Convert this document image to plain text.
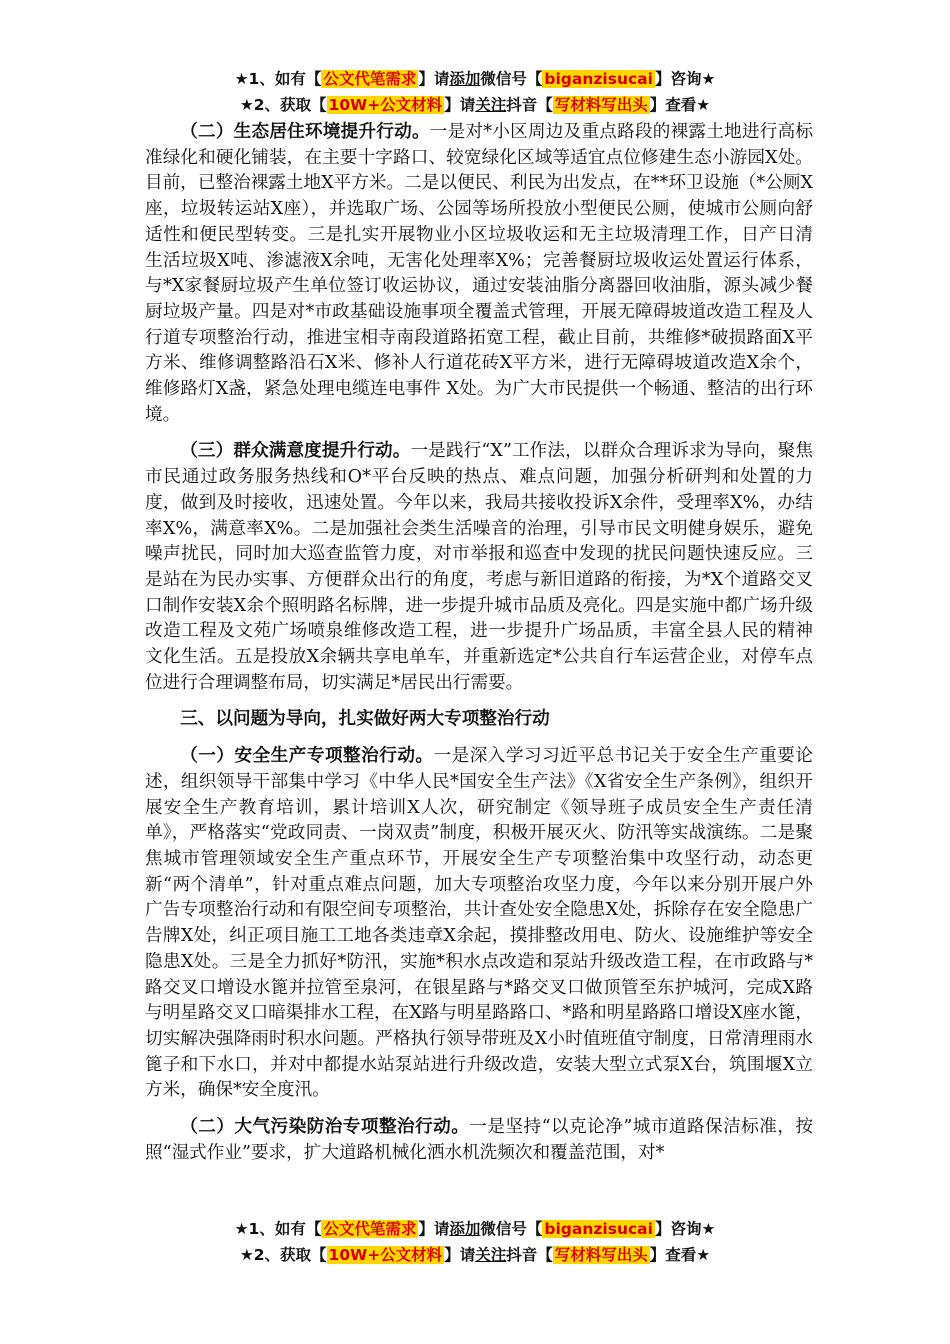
★1、如有【 公文代笔需求 】请添加微信号【 biganzisucai 】咨询★
★2、获取【 10W+公文材料 】请关注抖音【 写材料写出头 】查看★

（二）生态居住环境提升行动。一是对*小区周边及重点路段的裸露土地进行高标准绿化和硬化铺装，在主要十字路口、较宽绿化区域等适宜点位修建生态小游园X处。目前，已整治裸露土地X平方米。二是以便民、利民为出发点，在**环卫设施（*公厕X座，垃圾转运站X座），并选取广场、公园等场所投放小型便民公厕，使城市公厕向舒适性和便民型转变。三是扎实开展物业小区垃圾收运和无主垃圾清理工作，日产日清生活垃圾X吨、渗滤液X余吨，无害化处理率X%；完善餐厨垃圾收运处置运行体系，与*X家餐厨垃圾产生单位签订收运协议，通过安装油脂分离器回收油脂，源头减少餐厨垃圾产量。四是对*市政基础设施事项全覆盖式管理，开展无障碍坡道改造工程及人行道专项整治行动，推进宝相寺南段道路拓宽工程，截止目前，共维修*破损路面X平方米、维修调整路沿石X米、修补人行道花砖X平方米，进行无障碍坡道改造X余个，维修路灯X盏，紧急处理电缆连电事件 X处。为广大市民提供一个畅通、整洁的出行环境。

（三）群众满意度提升行动。一是践行“X”工作法，以群众合理诉求为导向，聚焦市民通过政务服务热线和O*平台反映的热点、难点问题，加强分析研判和处置的力度，做到及时接收，迅速处置。今年以来，我局共接收投诉X余件，受理率X%，办结率X%，满意率X%。二是加强社会类生活噪音的治理，引导市民文明健身娱乐，避免噪声扰民，同时加大巡查监管力度，对市举报和巡查中发现的扰民问题快速反应。三是站在为民办实事、方便群众出行的角度，考虑与新旧道路的衔接，为*X个道路交叉口制作安装X余个照明路名标牌，进一步提升城市品质及亮化。四是实施中都广场升级改造工程及文苑广场喷泉维修改造工程，进一步提升广场品质，丰富全县人民的精神文化生活。五是投放X余辆共享电单车，并重新选定*公共自行车运营企业，对停车点位进行合理调整布局，切实满足*居民出行需要。

三、以问题为导向，扎实做好两大专项整治行动

（一）安全生产专项整治行动。一是深入学习习近平总书记关于安全生产重要论述，组织领导干部集中学习《中华人民*国安全生产法》《X省安全生产条例》，组织开展安全生产教育培训，累计培训X人次，研究制定《领导班子成员安全生产责任清单》，严格落实“党政同责、一岗双责”制度，积极开展灭火、防汛等实战演练。二是聚焦城市管理领域安全生产重点环节，开展安全生产专项整治集中攻坚行动，动态更新“两个清单”，针对重点难点问题，加大专项整治攻坚力度，今年以来分别开展户外广告专项整治行动和有限空间专项整治，共计查处安全隐患X处，拆除存在安全隐患广告牌X处，纠正项目施工工地各类违章X余起，摸排整改用电、防火、设施维护等安全隐患X处。三是全力抓好*防汛，实施*积水点改造和泵站升级改造工程，在市政路与*路交叉口增设水篦并拉管至泉河，在银星路与*路交叉口做顶管至东护城河，完成X路与明星路交叉口暗渠排水工程，在X路与明星路路口、*路和明星路路口增设X座水篦，切实解决强降雨时积水问题。严格执行领导带班及X小时值班值守制度，日常清理雨水篦子和下水口，并对中都提水站泵站进行升级改造，安装大型立式泵X台，筑围堰X立方米，确保*安全度汛。

（二）大气污染防治专项整治行动。一是坚持“以克论净”城市道路保洁标准，按照“湿式作业”要求，扩大道路机械化洒水机洗频次和覆盖范围，对*

★1、如有【 公文代笔需求 】请添加微信号【 biganzisucai 】咨询★
★2、获取【 10W+公文材料 】请关注抖音【 写材料写出头 】查看★
